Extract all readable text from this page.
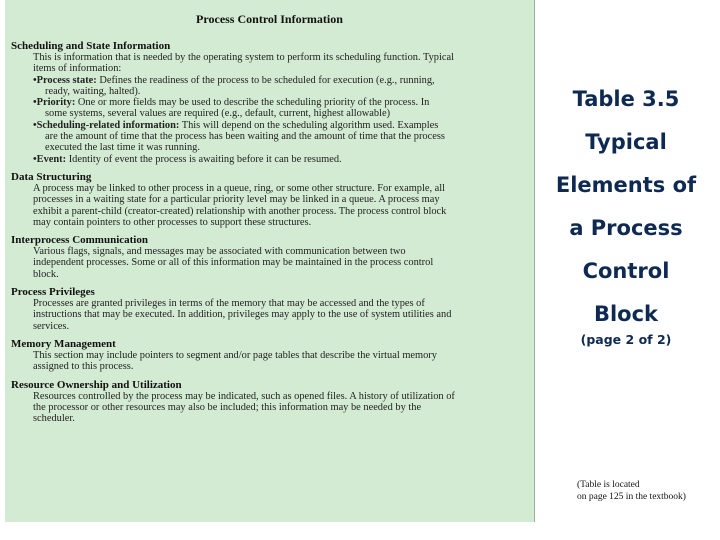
Process Control Information
Scheduling and State Information
This is information that is needed by the operating system to perform its scheduling function. Typical
items of information:
•Process state: Defines the readiness of the process to be scheduled for execution (e.g., running,
ready, waiting, halted).
•Priority: One or more fields may be used to describe the scheduling priority of the process. In
some systems, several values are required (e.g., default, current, highest allowable)
•Scheduling-related information: This will depend on the scheduling algorithm used. Examples
are the amount of time that the process has been waiting and the amount of time that the process
executed the last time it was running.
•Event: Identity of event the process is awaiting before it can be resumed.
Data Structuring
A process may be linked to other process in a queue, ring, or some other structure. For example, all
processes in a waiting state for a particular priority level may be linked in a queue. A process may
exhibit a parent-child (creator-created) relationship with another process. The process control block
may contain pointers to other processes to support these structures.
Interprocess Communication
Various flags, signals, and messages may be associated with communication between two
independent processes. Some or all of this information may be maintained in the process control
block.
Process Privileges
Processes are granted privileges in terms of the memory that may be accessed and the types of
instructions that may be executed. In addition, privileges may apply to the use of system utilities and
services.
Memory Management
This section may include pointers to segment and/or page tables that describe the virtual memory
assigned to this process.
Resource Ownership and Utilization
Resources controlled by the process may be indicated, such as opened files. A history of utilization of
the processor or other resources may also be included; this information may be needed by the
scheduler.
Table 3.5
Typical
Elements of
a Process
Control
Block
(page 2 of 2)
(Table is located
on page 125 in the textbook)
